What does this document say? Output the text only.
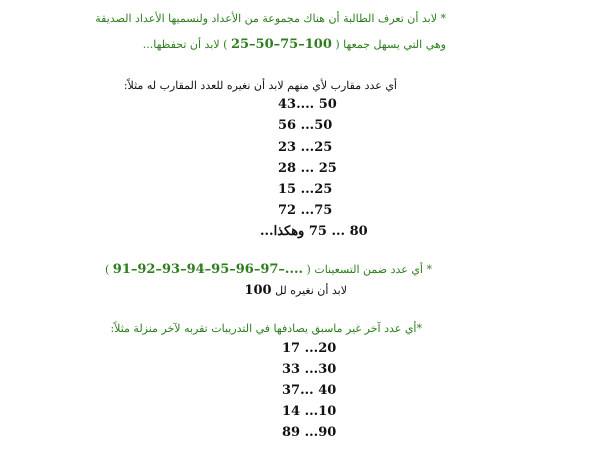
* لابد أن تعرف الطالبة أن هناك مجموعة من الأعداد ولنسميها الأعداد الصديقة
وهي التي يسهل جمعها ( 25–50–75–100 ) لابد أن تحفظها...
أي عدد مقارب لأي منهم لابد أن نغيره للعدد المقارب له مثلاً:
43.... 50
56 ...50
23 ...25
28 ... 25
15 ...25
72 ...75
80 ... 75 وهكذا...
* أي عدد ضمن التسعينات ( 91–92–93–94–95–96–97–.... )
لابد أن نغيره لل 100
*أي عدد آخر غير ماسبق يصادفها في التدريبات تقربه لآخر منزلة مثلاً:
17 ...20
33 ...30
37... 40
14 ...10
89 ...90
